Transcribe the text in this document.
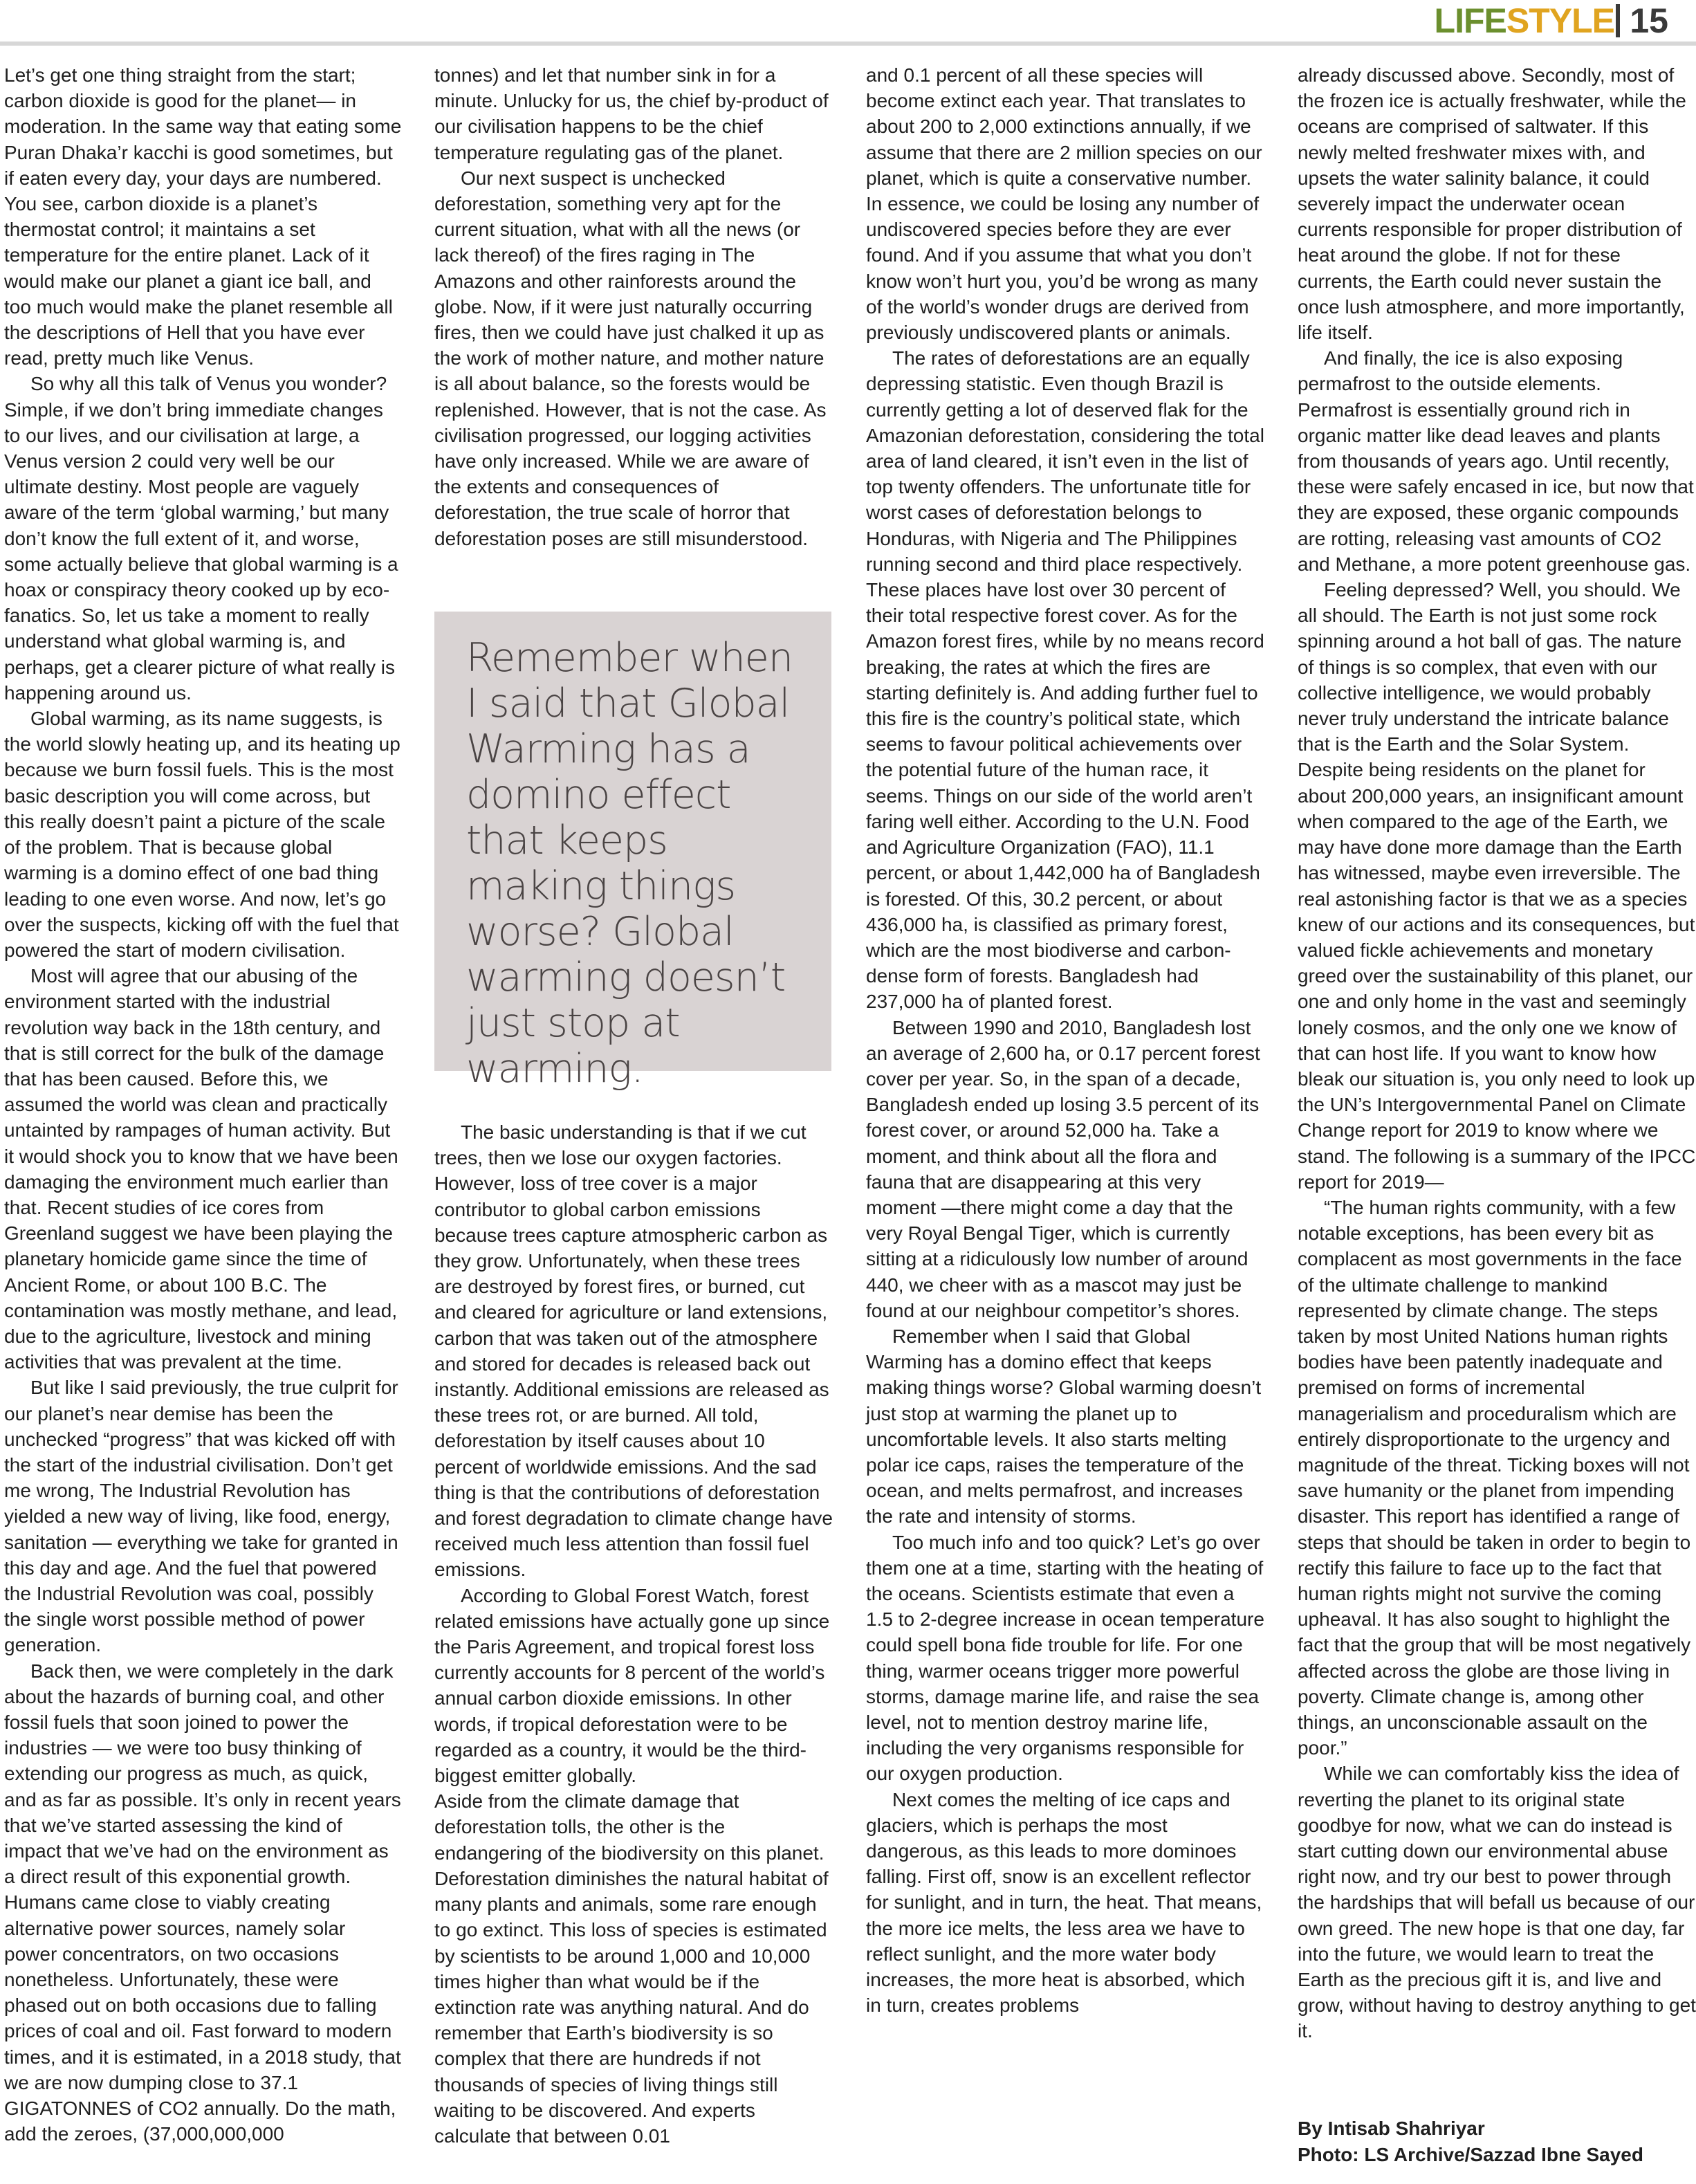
LIFESTYLE 15

Let’s get one thing straight from the start; carbon dioxide is good for the planet— in moderation. In the same way that eating some Puran Dhaka’r kacchi is good sometimes, but if eaten every day, your days are numbered. You see, carbon dioxide is a planet’s thermostat control; it maintains a set temperature for the entire planet. Lack of it would make our planet a giant ice ball, and too much would make the planet resemble all the descriptions of Hell that you have ever read, pretty much like Venus.

So why all this talk of Venus you wonder? Simple, if we don’t bring immediate changes to our lives, and our civilisation at large, a Venus version 2 could very well be our ultimate destiny. Most people are vaguely aware of the term ‘global warming,’ but many don’t know the full extent of it, and worse, some actually believe that global warming is a hoax or conspiracy theory cooked up by eco-fanatics. So, let us take a moment to really understand what global warming is, and perhaps, get a clearer picture of what really is happening around us.

Global warming, as its name suggests, is the world slowly heating up, and its heating up because we burn fossil fuels. This is the most basic description you will come across, but this really doesn’t paint a picture of the scale of the problem. That is because global warming is a domino effect of one bad thing leading to one even worse. And now, let’s go over the suspects, kicking off with the fuel that powered the start of modern civilisation.

Most will agree that our abusing of the environment started with the industrial revolution way back in the 18th century, and that is still correct for the bulk of the damage that has been caused. Before this, we assumed the world was clean and practically untainted by rampages of human activity. But it would shock you to know that we have been damaging the environment much earlier than that. Recent studies of ice cores from Greenland suggest we have been playing the planetary homicide game since the time of Ancient Rome, or about 100 B.C. The contamination was mostly methane, and lead, due to the agriculture, livestock and mining activities that was prevalent at the time.

But like I said previously, the true culprit for our planet’s near demise has been the unchecked “progress” that was kicked off with the start of the industrial civilisation. Don’t get me wrong, The Industrial Revolution has yielded a new way of living, like food, energy, sanitation — everything we take for granted in this day and age. And the fuel that powered the Industrial Revolution was coal, possibly the single worst possible method of power generation.

Back then, we were completely in the dark about the hazards of burning coal, and other fossil fuels that soon joined to power the industries — we were too busy thinking of extending our progress as much, as quick, and as far as possible. It’s only in recent years that we’ve started assessing the kind of impact that we’ve had on the environment as a direct result of this exponential growth. Humans came close to viably creating alternative power sources, namely solar power concentrators, on two occasions nonetheless. Unfortunately, these were phased out on both occasions due to falling prices of coal and oil. Fast forward to modern times, and it is estimated, in a 2018 study, that we are now dumping close to 37.1 GIGATONNES of CO2 annually. Do the math, add the zeroes, (37,000,000,000

tonnes) and let that number sink in for a minute. Unlucky for us, the chief by-product of our civilisation happens to be the chief temperature regulating gas of the planet.

Our next suspect is unchecked deforestation, something very apt for the current situation, what with all the news (or lack thereof) of the fires raging in The Amazons and other rainforests around the globe. Now, if it were just naturally occurring fires, then we could have just chalked it up as the work of mother nature, and mother nature is all about balance, so the forests would be replenished. However, that is not the case. As civilisation progressed, our logging activities have only increased. While we are aware of the extents and consequences of deforestation, the true scale of horror that deforestation poses are still misunderstood.

Remember when I said that Global Warming has a domino effect that keeps making things worse? Global warming doesn’t just stop at warming.

The basic understanding is that if we cut trees, then we lose our oxygen factories. However, loss of tree cover is a major contributor to global carbon emissions because trees capture atmospheric carbon as they grow. Unfortunately, when these trees are destroyed by forest fires, or burned, cut and cleared for agriculture or land extensions, carbon that was taken out of the atmosphere and stored for decades is released back out instantly. Additional emissions are released as these trees rot, or are burned. All told, deforestation by itself causes about 10 percent of worldwide emissions. And the sad thing is that the contributions of deforestation and forest degradation to climate change have received much less attention than fossil fuel emissions.

According to Global Forest Watch, forest related emissions have actually gone up since the Paris Agreement, and tropical forest loss currently accounts for 8 percent of the world’s annual carbon dioxide emissions. In other words, if tropical deforestation were to be regarded as a country, it would be the third-biggest emitter globally.

Aside from the climate damage that deforestation tolls, the other is the endangering of the biodiversity on this planet. Deforestation diminishes the natural habitat of many plants and animals, some rare enough to go extinct. This loss of species is estimated by scientists to be around 1,000 and 10,000 times higher than what would be if the extinction rate was anything natural. And do remember that Earth’s biodiversity is so complex that there are hundreds if not thousands of species of living things still waiting to be discovered. And experts calculate that between 0.01

and 0.1 percent of all these species will become extinct each year. That translates to about 200 to 2,000 extinctions annually, if we assume that there are 2 million species on our planet, which is quite a conservative number. In essence, we could be losing any number of undiscovered species before they are ever found. And if you assume that what you don’t know won’t hurt you, you’d be wrong as many of the world’s wonder drugs are derived from previously undiscovered plants or animals.

The rates of deforestations are an equally depressing statistic. Even though Brazil is currently getting a lot of deserved flak for the Amazonian deforestation, considering the total area of land cleared, it isn’t even in the list of top twenty offenders. The unfortunate title for worst cases of deforestation belongs to Honduras, with Nigeria and The Philippines running second and third place respectively. These places have lost over 30 percent of their total respective forest cover. As for the Amazon forest fires, while by no means record breaking, the rates at which the fires are starting definitely is. And adding further fuel to this fire is the country’s political state, which seems to favour political achievements over the potential future of the human race, it seems. Things on our side of the world aren’t faring well either. According to the U.N. Food and Agriculture Organization (FAO), 11.1 percent, or about 1,442,000 ha of Bangladesh is forested. Of this, 30.2 percent, or about 436,000 ha, is classified as primary forest, which are the most biodiverse and carbon-dense form of forests. Bangladesh had 237,000 ha of planted forest.

Between 1990 and 2010, Bangladesh lost an average of 2,600 ha, or 0.17 percent forest cover per year. So, in the span of a decade, Bangladesh ended up losing 3.5 percent of its forest cover, or around 52,000 ha. Take a moment, and think about all the flora and fauna that are disappearing at this very moment —there might come a day that the very Royal Bengal Tiger, which is currently sitting at a ridiculously low number of around 440, we cheer with as a mascot may just be found at our neighbour competitor’s shores.

Remember when I said that Global Warming has a domino effect that keeps making things worse? Global warming doesn’t just stop at warming the planet up to uncomfortable levels. It also starts melting polar ice caps, raises the temperature of the ocean, and melts permafrost, and increases the rate and intensity of storms.

Too much info and too quick? Let’s go over them one at a time, starting with the heating of the oceans. Scientists estimate that even a 1.5 to 2-degree increase in ocean temperature could spell bona fide trouble for life. For one thing, warmer oceans trigger more powerful storms, damage marine life, and raise the sea level, not to mention destroy marine life, including the very organisms responsible for our oxygen production.

Next comes the melting of ice caps and glaciers, which is perhaps the most dangerous, as this leads to more dominoes falling. First off, snow is an excellent reflector for sunlight, and in turn, the heat. That means, the more ice melts, the less area we have to reflect sunlight, and the more water body increases, the more heat is absorbed, which in turn, creates problems

already discussed above. Secondly, most of the frozen ice is actually freshwater, while the oceans are comprised of saltwater. If this newly melted freshwater mixes with, and upsets the water salinity balance, it could severely impact the underwater ocean currents responsible for proper distribution of heat around the globe. If not for these currents, the Earth could never sustain the once lush atmosphere, and more importantly, life itself.

And finally, the ice is also exposing permafrost to the outside elements. Permafrost is essentially ground rich in organic matter like dead leaves and plants from thousands of years ago. Until recently, these were safely encased in ice, but now that they are exposed, these organic compounds are rotting, releasing vast amounts of CO2 and Methane, a more potent greenhouse gas.

Feeling depressed? Well, you should. We all should. The Earth is not just some rock spinning around a hot ball of gas. The nature of things is so complex, that even with our collective intelligence, we would probably never truly understand the intricate balance that is the Earth and the Solar System. Despite being residents on the planet for about 200,000 years, an insignificant amount when compared to the age of the Earth, we may have done more damage than the Earth has witnessed, maybe even irreversible. The real astonishing factor is that we as a species knew of our actions and its consequences, but valued fickle achievements and monetary greed over the sustainability of this planet, our one and only home in the vast and seemingly lonely cosmos, and the only one we know of that can host life. If you want to know how bleak our situation is, you only need to look up the UN’s Intergovernmental Panel on Climate Change report for 2019 to know where we stand. The following is a summary of the IPCC report for 2019—

“The human rights community, with a few notable exceptions, has been every bit as complacent as most governments in the face of the ultimate challenge to mankind represented by climate change. The steps taken by most United Nations human rights bodies have been patently inadequate and premised on forms of incremental managerialism and proceduralism which are entirely disproportionate to the urgency and magnitude of the threat. Ticking boxes will not save humanity or the planet from impending disaster. This report has identified a range of steps that should be taken in order to begin to rectify this failure to face up to the fact that human rights might not survive the coming upheaval. It has also sought to highlight the fact that the group that will be most negatively affected across the globe are those living in poverty. Climate change is, among other things, an unconscionable assault on the poor.”

While we can comfortably kiss the idea of reverting the planet to its original state goodbye for now, what we can do instead is start cutting down our environmental abuse right now, and try our best to power through the hardships that will befall us because of our own greed. The new hope is that one day, far into the future, we would learn to treat the Earth as the precious gift it is, and live and grow, without having to destroy anything to get it.

By Intisab Shahriyar
Photo: LS Archive/Sazzad Ibne Sayed
